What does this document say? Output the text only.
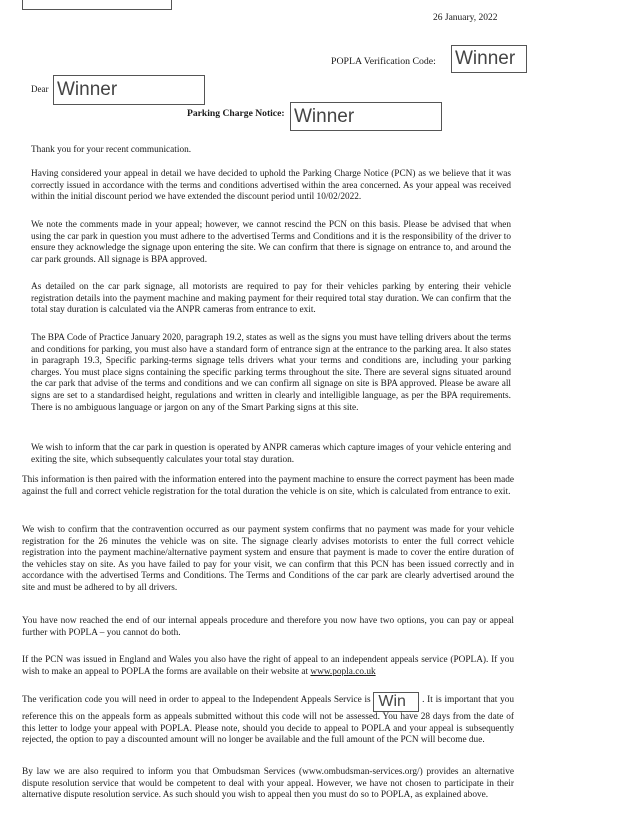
26 January, 2022
POPLA Verification Code: Winner
Dear Winner
Parking Charge Notice: Winner

Thank you for your recent communication.

Having considered your appeal in detail we have decided to uphold the Parking Charge Notice (PCN) as we believe that it was correctly issued in accordance with the terms and conditions advertised within the area concerned. As your appeal was received within the initial discount period we have extended the discount period until 10/02/2022.

We note the comments made in your appeal; however, we cannot rescind the PCN on this basis. Please be advised that when using the car park in question you must adhere to the advertised Terms and Conditions and it is the responsibility of the driver to ensure they acknowledge the signage upon entering the site. We can confirm that there is signage on entrance to, and around the car park grounds. All signage is BPA approved.

As detailed on the car park signage, all motorists are required to pay for their vehicles parking by entering their vehicle registration details into the payment machine and making payment for their required total stay duration. We can confirm that the total stay duration is calculated via the ANPR cameras from entrance to exit.

The BPA Code of Practice January 2020, paragraph 19.2, states as well as the signs you must have telling drivers about the terms and conditions for parking, you must also have a standard form of entrance sign at the entrance to the parking area. It also states in paragraph 19.3, Specific parking-terms signage tells drivers what your terms and conditions are, including your parking charges. You must place signs containing the specific parking terms throughout the site. There are several signs situated around the car park that advise of the terms and conditions and we can confirm all signage on site is BPA approved. Please be aware all signs are set to a standardised height, regulations and written in clearly and intelligible language, as per the BPA requirements. There is no ambiguous language or jargon on any of the Smart Parking signs at this site.

We wish to inform that the car park in question is operated by ANPR cameras which capture images of your vehicle entering and exiting the site, which subsequently calculates your total stay duration.

This information is then paired with the information entered into the payment machine to ensure the correct payment has been made against the full and correct vehicle registration for the total duration the vehicle is on site, which is calculated from entrance to exit.

We wish to confirm that the contravention occurred as our payment system confirms that no payment was made for your vehicle registration for the 26 minutes the vehicle was on site. The signage clearly advises motorists to enter the full correct vehicle registration into the payment machine/alternative payment system and ensure that payment is made to cover the entire duration of the vehicles stay on site. As you have failed to pay for your visit, we can confirm that this PCN has been issued correctly and in accordance with the advertised Terms and Conditions. The Terms and Conditions of the car park are clearly advertised around the site and must be adhered to by all drivers.

You have now reached the end of our internal appeals procedure and therefore you now have two options, you can pay or appeal further with POPLA – you cannot do both.

If the PCN was issued in England and Wales you also have the right of appeal to an independent appeals service (POPLA). If you wish to make an appeal to POPLA the forms are available on their website at www.popla.co.uk

The verification code you will need in order to appeal to the Independent Appeals Service is Win . It is important that you reference this on the appeals form as appeals submitted without this code will not be assessed. You have 28 days from the date of this letter to lodge your appeal with POPLA. Please note, should you decide to appeal to POPLA and your appeal is subsequently rejected, the option to pay a discounted amount will no longer be available and the full amount of the PCN will become due.

By law we are also required to inform you that Ombudsman Services (www.ombudsman-services.org/) provides an alternative dispute resolution service that would be competent to deal with your appeal. However, we have not chosen to participate in their alternative dispute resolution service. As such should you wish to appeal then you must do so to POPLA, as explained above.
